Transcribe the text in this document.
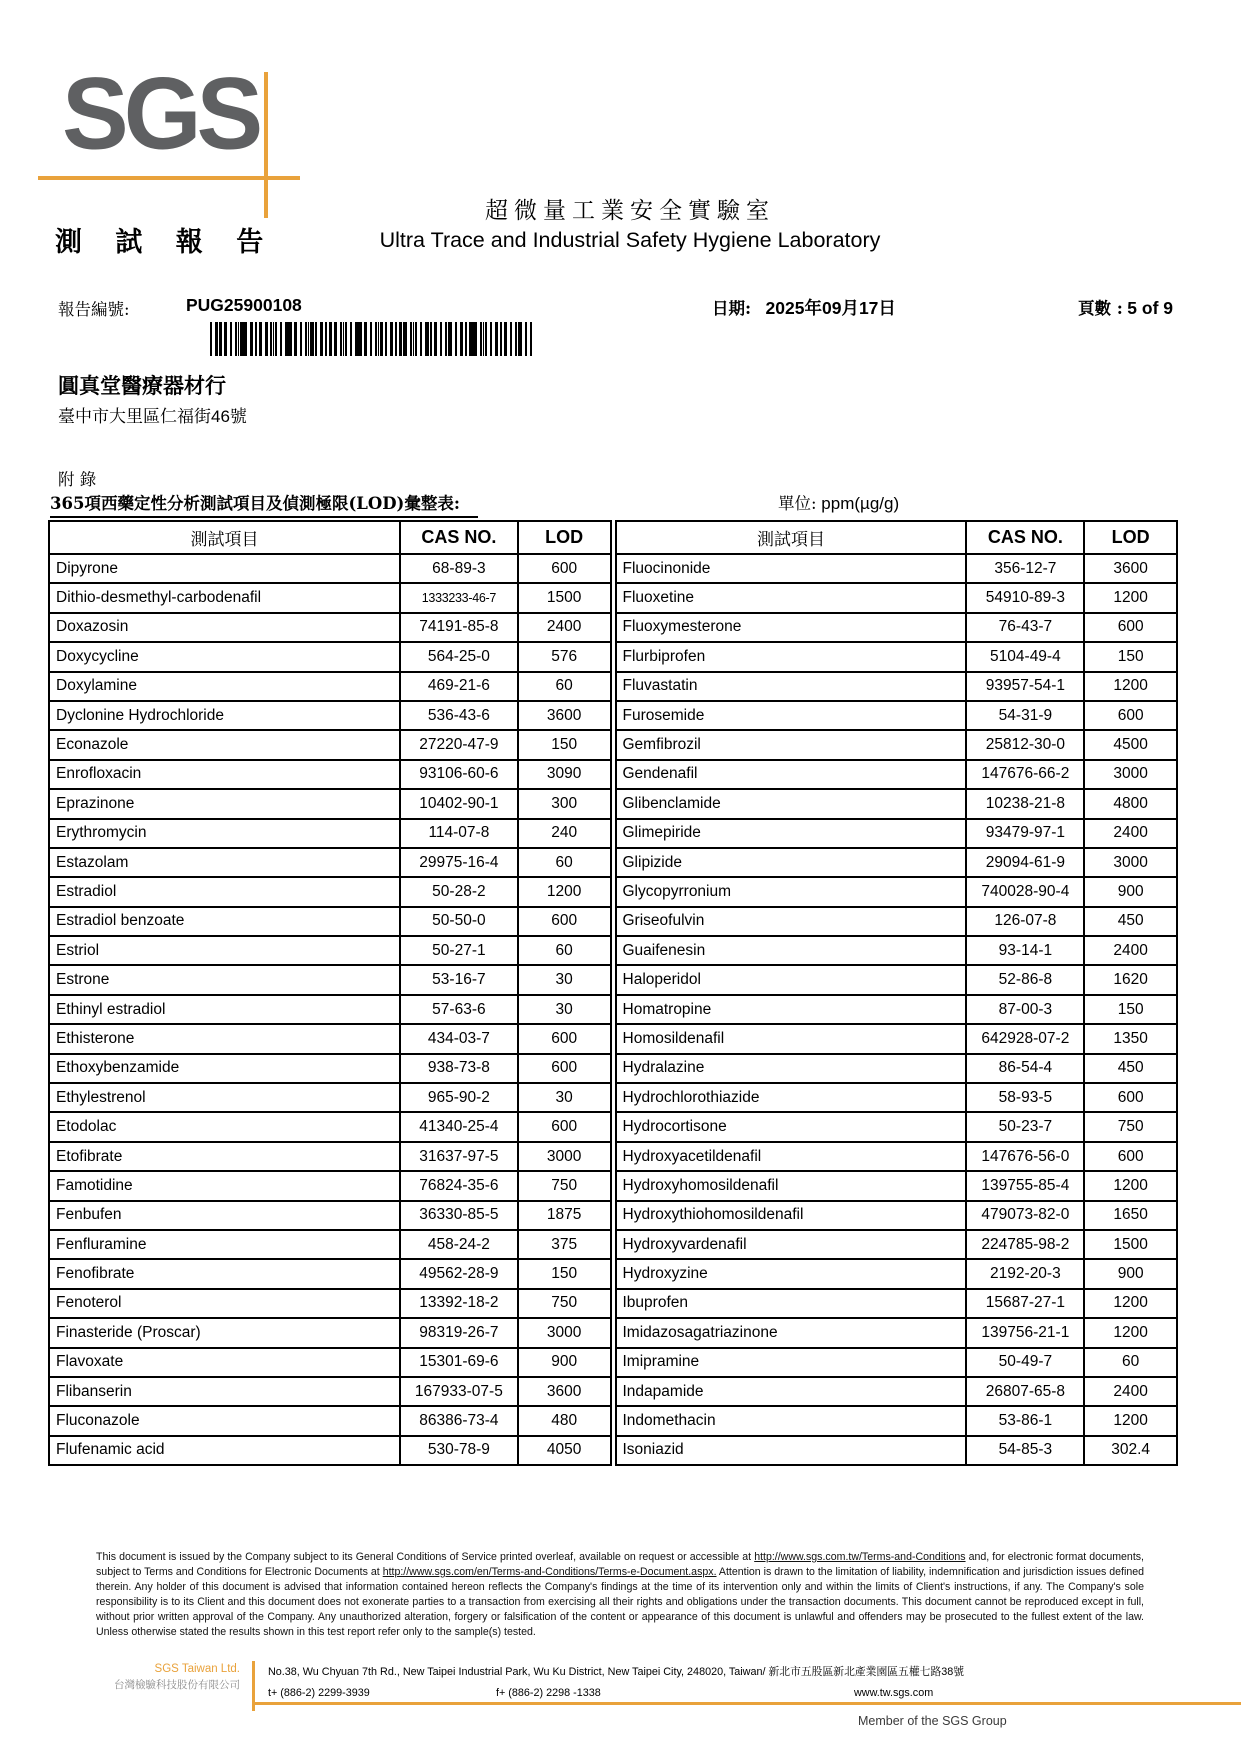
SGS
測 試 報 告
超微量工業安全實驗室
Ultra Trace and Industrial Safety Hygiene Laboratory
報告編號:	PUG25900108	日期: 2025年09月17日	頁數 : 5 of 9
圓真堂醫療器材行
臺中市大里區仁福街46號
附 錄
365項西藥定性分析測試項目及偵測極限(LOD)彙整表:	單位: ppm(µg/g)
測試項目	CAS NO.	LOD
Dipyrone	68-89-3	600
Dithio-desmethyl-carbodenafil	1333233-46-7	1500
Doxazosin	74191-85-8	2400
Doxycycline	564-25-0	576
Doxylamine	469-21-6	60
Dyclonine Hydrochloride	536-43-6	3600
Econazole	27220-47-9	150
Enrofloxacin	93106-60-6	3090
Eprazinone	10402-90-1	300
Erythromycin	114-07-8	240
Estazolam	29975-16-4	60
Estradiol	50-28-2	1200
Estradiol benzoate	50-50-0	600
Estriol	50-27-1	60
Estrone	53-16-7	30
Ethinyl estradiol	57-63-6	30
Ethisterone	434-03-7	600
Ethoxybenzamide	938-73-8	600
Ethylestrenol	965-90-2	30
Etodolac	41340-25-4	600
Etofibrate	31637-97-5	3000
Famotidine	76824-35-6	750
Fenbufen	36330-85-5	1875
Fenfluramine	458-24-2	375
Fenofibrate	49562-28-9	150
Fenoterol	13392-18-2	750
Finasteride (Proscar)	98319-26-7	3000
Flavoxate	15301-69-6	900
Flibanserin	167933-07-5	3600
Fluconazole	86386-73-4	480
Flufenamic acid	530-78-9	4050
測試項目	CAS NO.	LOD
Fluocinonide	356-12-7	3600
Fluoxetine	54910-89-3	1200
Fluoxymesterone	76-43-7	600
Flurbiprofen	5104-49-4	150
Fluvastatin	93957-54-1	1200
Furosemide	54-31-9	600
Gemfibrozil	25812-30-0	4500
Gendenafil	147676-66-2	3000
Glibenclamide	10238-21-8	4800
Glimepiride	93479-97-1	2400
Glipizide	29094-61-9	3000
Glycopyrronium	740028-90-4	900
Griseofulvin	126-07-8	450
Guaifenesin	93-14-1	2400
Haloperidol	52-86-8	1620
Homatropine	87-00-3	150
Homosildenafil	642928-07-2	1350
Hydralazine	86-54-4	450
Hydrochlorothiazide	58-93-5	600
Hydrocortisone	50-23-7	750
Hydroxyacetildenafil	147676-56-0	600
Hydroxyhomosildenafil	139755-85-4	1200
Hydroxythiohomosildenafil	479073-82-0	1650
Hydroxyvardenafil	224785-98-2	1500
Hydroxyzine	2192-20-3	900
Ibuprofen	15687-27-1	1200
Imidazosagatriazinone	139756-21-1	1200
Imipramine	50-49-7	60
Indapamide	26807-65-8	2400
Indomethacin	53-86-1	1200
Isoniazid	54-85-3	302.4
This document is issued by the Company subject to its General Conditions of Service printed overleaf, available on request or accessible at http://www.sgs.com.tw/Terms-and-Conditions and, for electronic format documents, subject to Terms and Conditions for Electronic Documents at http://www.sgs.com/en/Terms-and-Conditions/Terms-e-Document.aspx. Attention is drawn to the limitation of liability, indemnification and jurisdiction issues defined therein. Any holder of this document is advised that information contained hereon reflects the Company's findings at the time of its intervention only and within the limits of Client's instructions, if any. The Company's sole responsibility is to its Client and this document does not exonerate parties to a transaction from exercising all their rights and obligations under the transaction documents. This document cannot be reproduced except in full, without prior written approval of the Company. Any unauthorized alteration, forgery or falsification of the content or appearance of this document is unlawful and offenders may be prosecuted to the fullest extent of the law. Unless otherwise stated the results shown in this test report refer only to the sample(s) tested.
SGS Taiwan Ltd.
台灣檢驗科技股份有限公司
No.38, Wu Chyuan 7th Rd., New Taipei Industrial Park, Wu Ku District, New Taipei City, 248020, Taiwan/ 新北市五股區新北產業園區五權七路38號
t+ (886-2) 2299-3939	f+ (886-2) 2298 -1338	www.tw.sgs.com
Member of the SGS Group
